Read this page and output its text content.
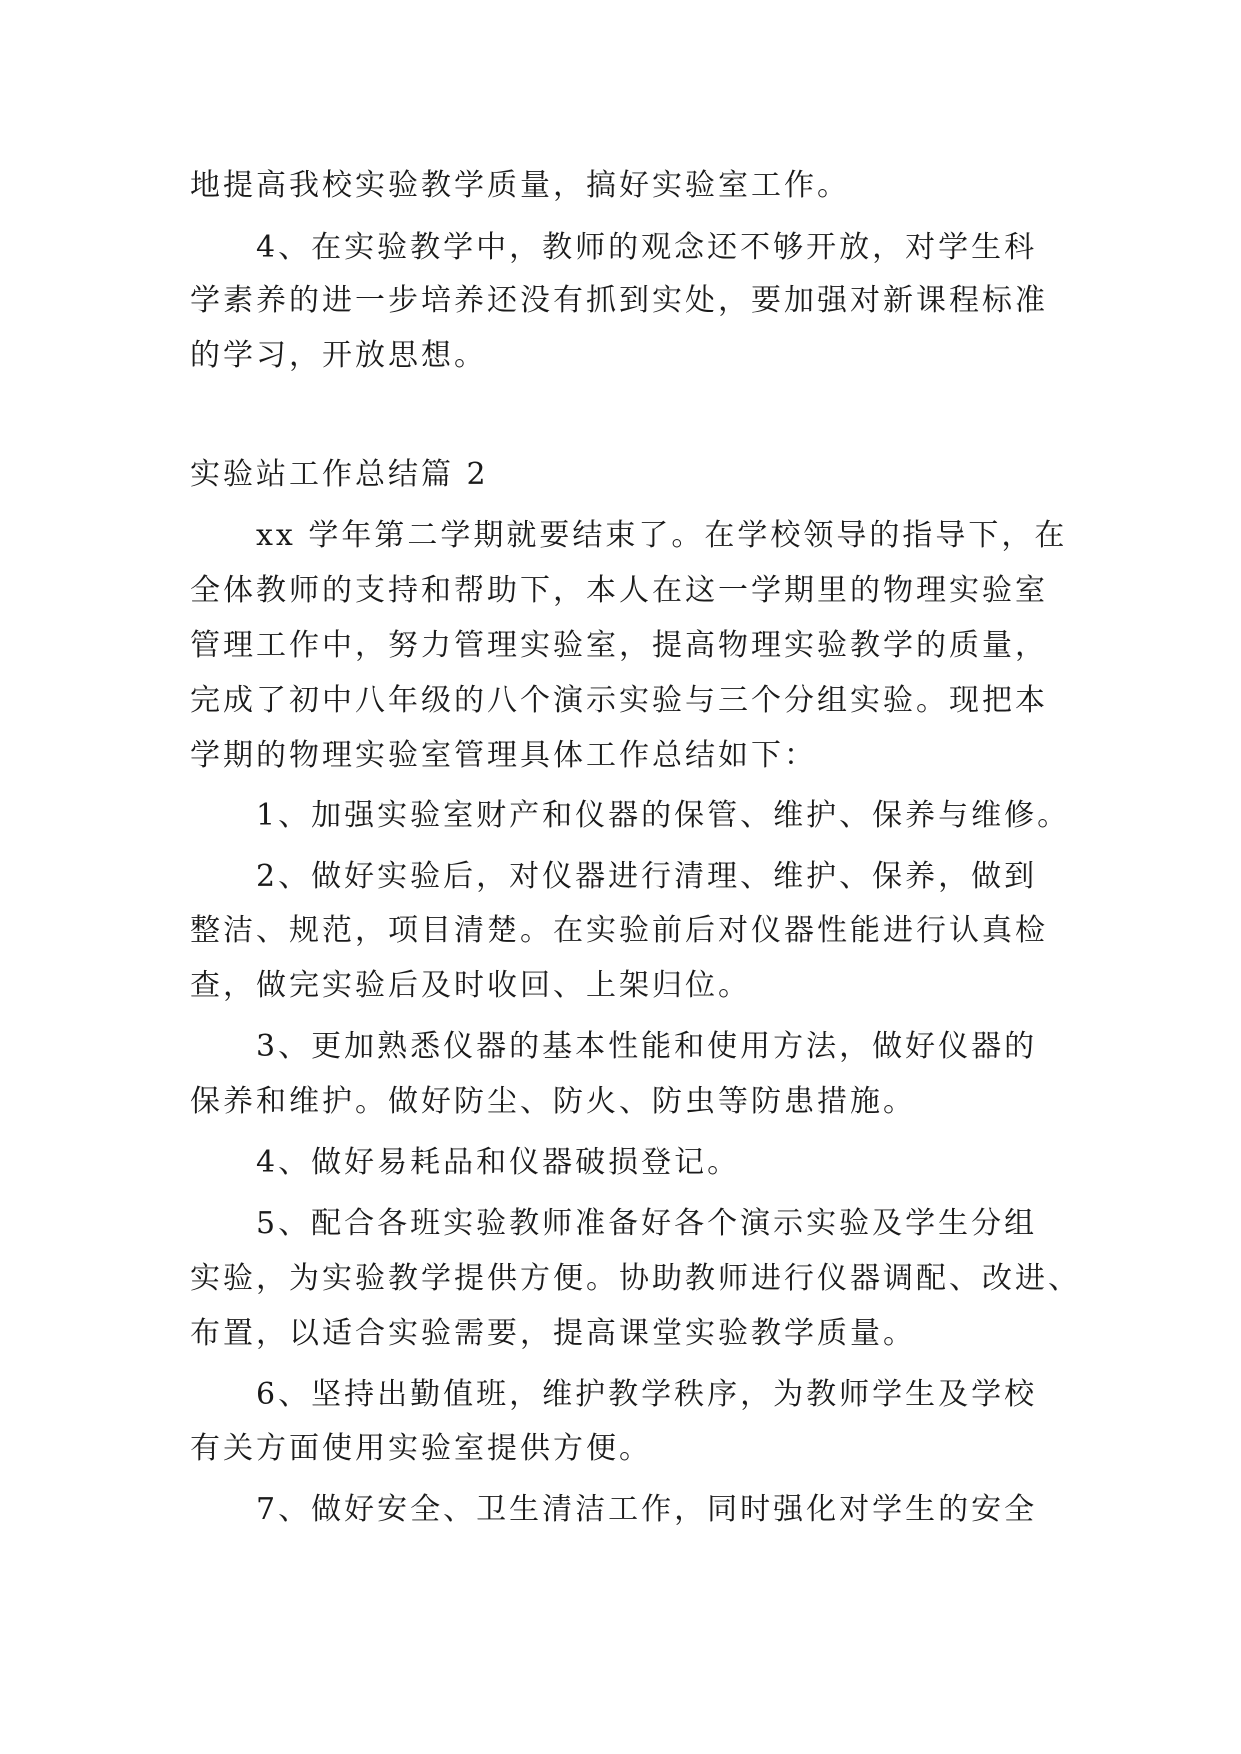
地提高我校实验教学质量，搞好实验室工作。
4、在实验教学中，教师的观念还不够开放，对学生科
学素养的进一步培养还没有抓到实处，要加强对新课程标准
的学习，开放思想。
实验站工作总结篇 2
xx 学年第二学期就要结束了。在学校领导的指导下，在
全体教师的支持和帮助下，本人在这一学期里的物理实验室
管理工作中，努力管理实验室，提高物理实验教学的质量，
完成了初中八年级的八个演示实验与三个分组实验。现把本
学期的物理实验室管理具体工作总结如下：
1、加强实验室财产和仪器的保管、维护、保养与维修。
2、做好实验后，对仪器进行清理、维护、保养，做到
整洁、规范，项目清楚。在实验前后对仪器性能进行认真检
查，做完实验后及时收回、上架归位。
3、更加熟悉仪器的基本性能和使用方法，做好仪器的
保养和维护。做好防尘、防火、防虫等防患措施。
4、做好易耗品和仪器破损登记。
5、配合各班实验教师准备好各个演示实验及学生分组
实验，为实验教学提供方便。协助教师进行仪器调配、改进、
布置，以适合实验需要，提高课堂实验教学质量。
6、坚持出勤值班，维护教学秩序，为教师学生及学校
有关方面使用实验室提供方便。
7、做好安全、卫生清洁工作，同时强化对学生的安全
